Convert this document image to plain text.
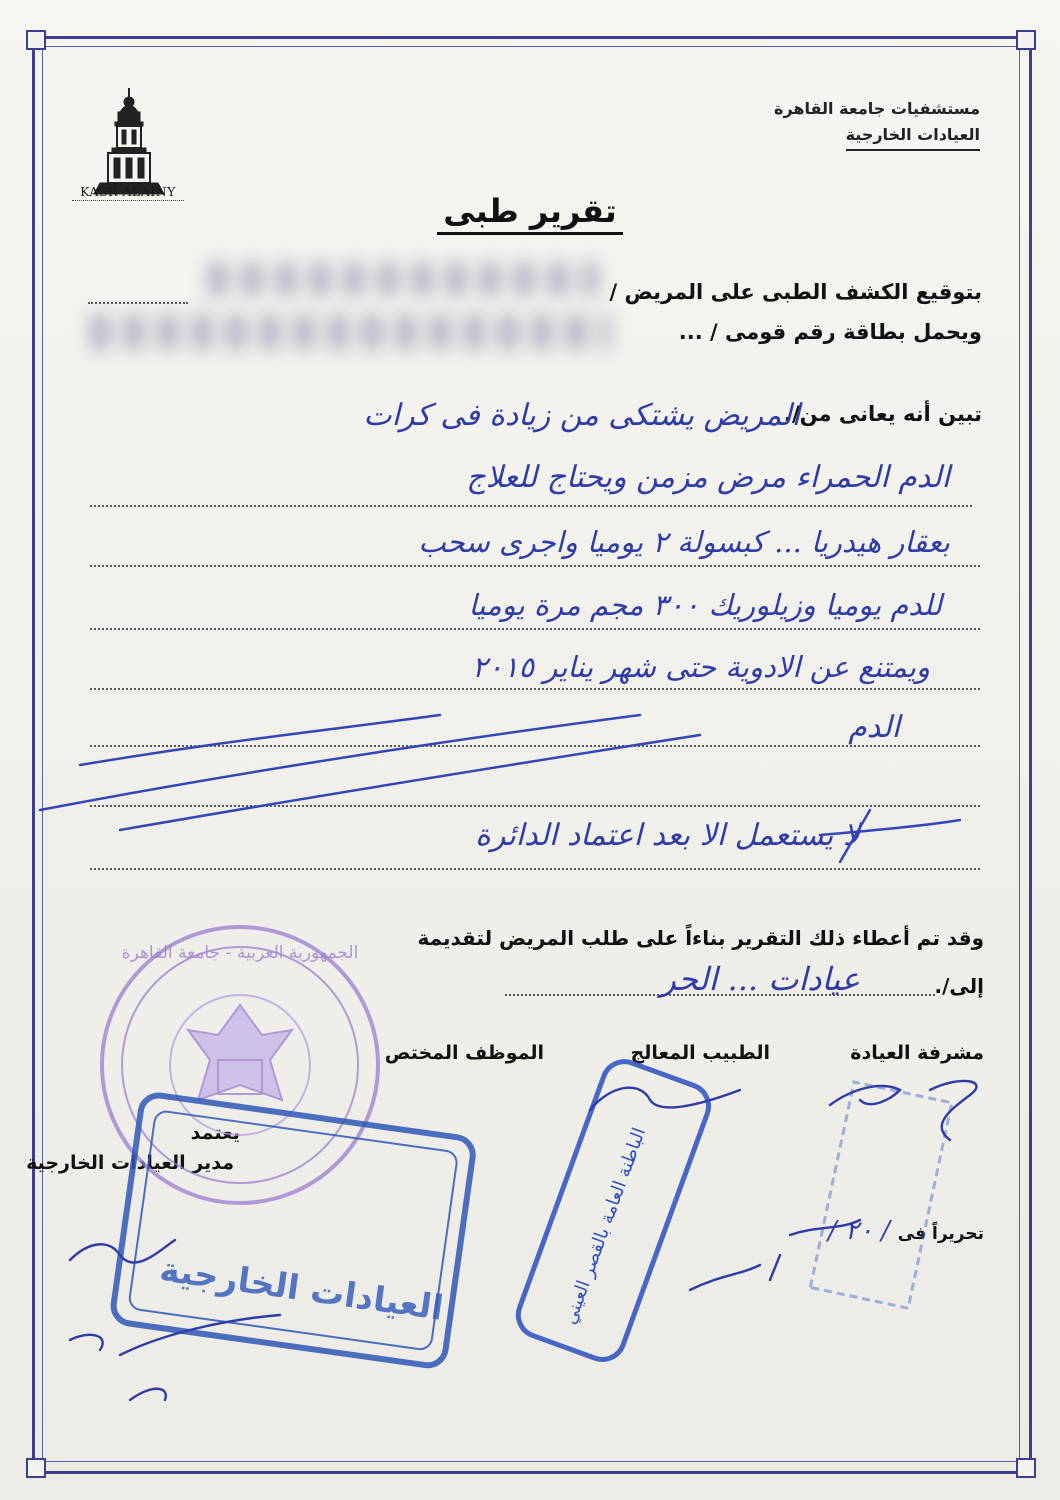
مستشفيات جامعة القاهرة
العيادات الخارجية
KASR ALAINY
تقرير طبى
بتوقيع الكشف الطبى على المريض /
ويحمل بطاقة رقم قومى / ...
تبين أنه يعانى من/.
المريض يشتكى من زيادة فى كرات
الدم الحمراء مرض مزمن ويحتاج للعلاج
بعقار هيدريا ... كبسولة ٢ يوميا واجرى سحب
للدم يوميا وزيلوريك ٣٠٠ مجم مرة يوميا
ويمتنع عن الادوية حتى شهر يناير ٢٠١٥
الدم
لا يستعمل الا بعد اعتماد الدائرة
وقد تم أعطاء ذلك التقرير بناءاً على طلب المريض لتقديمة
إلى/.
عيادات ... الحر
مشرفة العيادة
الطبيب المعالج
الموظف المختص
يعتمد
مدير العيادات الخارجية
تحريراً فى
/ ٢٠ /
الجمهورية العربية - جامعة القاهرة
العيادات الخارجية	الباطنة العامة بالقصر العيني
